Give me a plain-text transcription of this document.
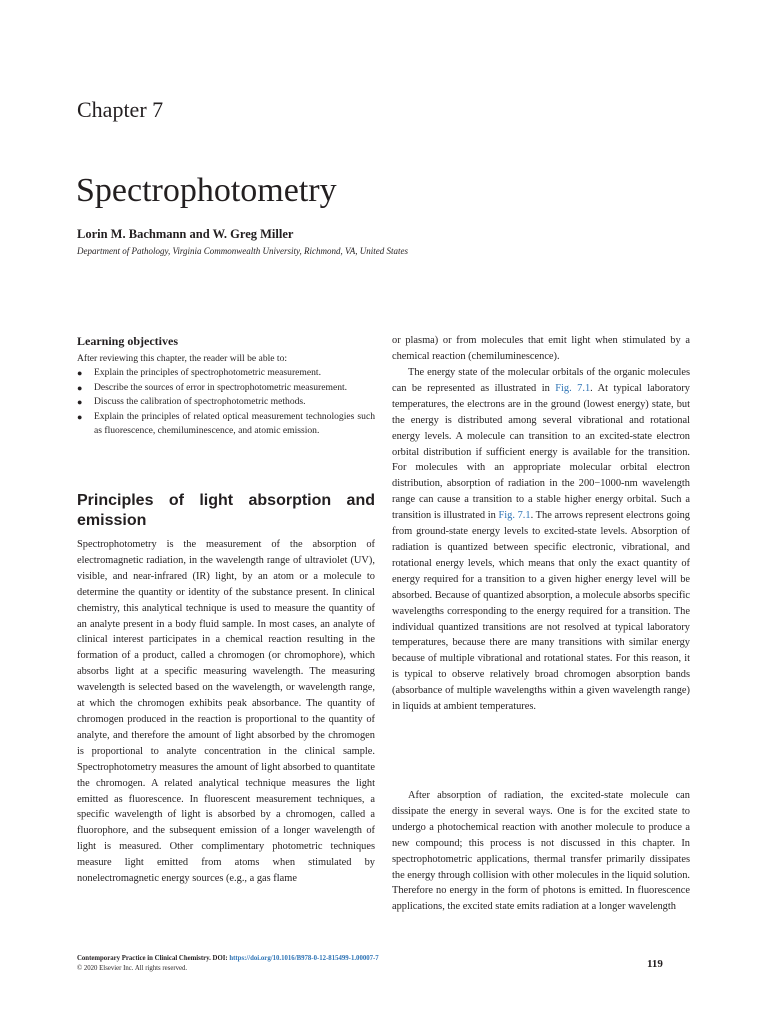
Chapter 7
Spectrophotometry

Lorin M. Bachmann and W. Greg Miller

Department of Pathology, Virginia Commonwealth University, Richmond, VA, United States

Learning objectives

After reviewing this chapter, the reader will be able to:

● Explain the principles of spectrophotometric measurement.
● Describe the sources of error in spectrophotometric measurement.
● Discuss the calibration of spectrophotometric methods.
● Explain the principles of related optical measurement technologies such as fluorescence, chemiluminescence, and atomic emission.
Principles of light absorption and emission

Spectrophotometry is the measurement of the absorption of electromagnetic radiation, in the wavelength range of ultraviolet (UV), visible, and near-infrared (IR) light, by an atom or a molecule to determine the quantity or identity of the substance present. In clinical chemistry, this analytical technique is used to measure the quantity of an analyte present in a body fluid sample. In most cases, an analyte of clinical interest participates in a chemical reaction resulting in the formation of a product, called a chromogen (or chromophore), which absorbs light at a specific measuring wavelength. The measuring wavelength is selected based on the wavelength, or wavelength range, at which the chromogen exhibits peak absorbance. The quantity of chromogen produced in the reaction is proportional to the quantity of analyte, and therefore the amount of light absorbed by the chromogen is proportional to analyte concentration in the clinical sample. Spectrophotometry measures the amount of light absorbed to quantitate the chromogen. A related analytical technique measures the light emitted as fluorescence. In fluorescent measurement techniques, a specific wavelength of light is absorbed by a chromogen, called a fluorophore, and the subsequent emission of a longer wavelength of light is measured. Other complimentary photometric techniques measure light emitted from atoms when stimulated by nonelectromagnetic energy sources (e.g., a gas flame

or plasma) or from molecules that emit light when stimulated by a chemical reaction (chemiluminescence).

The energy state of the molecular orbitals of the organic molecules can be represented as illustrated in Fig. 7.1. At typical laboratory temperatures, the electrons are in the ground (lowest energy) state, but the energy is distributed among several vibrational and rotational energy levels. A molecule can transition to an excited-state electron orbital distribution if sufficient energy is available for the transition. For molecules with an appropriate molecular orbital electron distribution, absorption of radiation in the 200−1000-nm wavelength range can cause a transition to a stable higher energy orbital. Such a transition is illustrated in Fig. 7.1. The arrows represent electrons going from ground-state energy levels to excited-state levels. Absorption of radiation is quantized between specific electronic, vibrational, and rotational energy levels, which means that only the exact quantity of energy required for a transition to a given higher energy level will be absorbed. Because of quantized absorption, a molecule absorbs specific wavelengths corresponding to the energy required for a transition. The individual quantized transitions are not resolved at typical laboratory temperatures, because there are many transitions with similar energy because of multiple vibrational and rotational states. For this reason, it is typical to observe relatively broad chromogen absorption bands (absorbance of multiple wavelengths within a given wavelength range) in liquids at ambient temperatures.

After absorption of radiation, the excited-state molecule can dissipate the energy in several ways. One is for the excited state to undergo a photochemical reaction with another molecule to produce a new compound; this process is not discussed in this chapter. In spectrophotometric applications, thermal transfer primarily dissipates the energy through collision with other molecules in the liquid solution. Therefore no energy in the form of photons is emitted. In fluorescence applications, the excited state emits radiation at a longer wavelength

Contemporary Practice in Clinical Chemistry. DOI: https://doi.org/10.1016/B978-0-12-815499-1.00007-7
© 2020 Elsevier Inc. All rights reserved.	119
